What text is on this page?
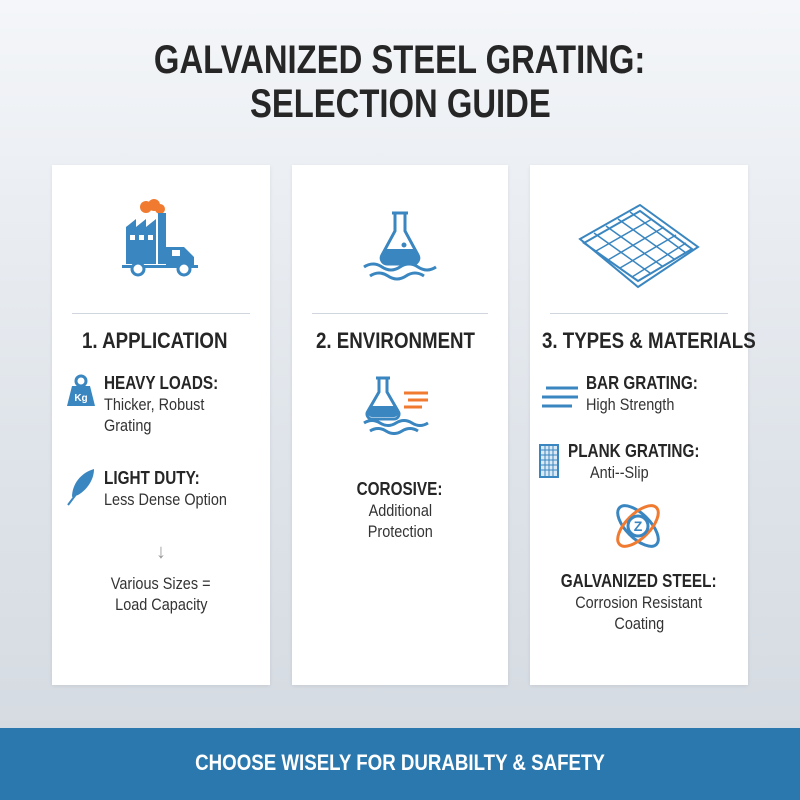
GALVANIZED STEEL GRATING:
SELECTION GUIDE
1. APPLICATION
Kg
HEAVY LOADS:
Thicker, Robust
Grating
LIGHT DUTY:
Less Dense Option
↓
Various Sizes =
Load Capacity
2. ENVIRONMENT
COROSIVE:
Additional
Protection
3. TYPES & MATERIALS
BAR GRATING:
High Strength
PLANK GRATING:
Anti--Slip
Z
GALVANIZED STEEL:
Corrosion Resistant
Coating
CHOOSE WISELY FOR DURABILTY & SAFETY
